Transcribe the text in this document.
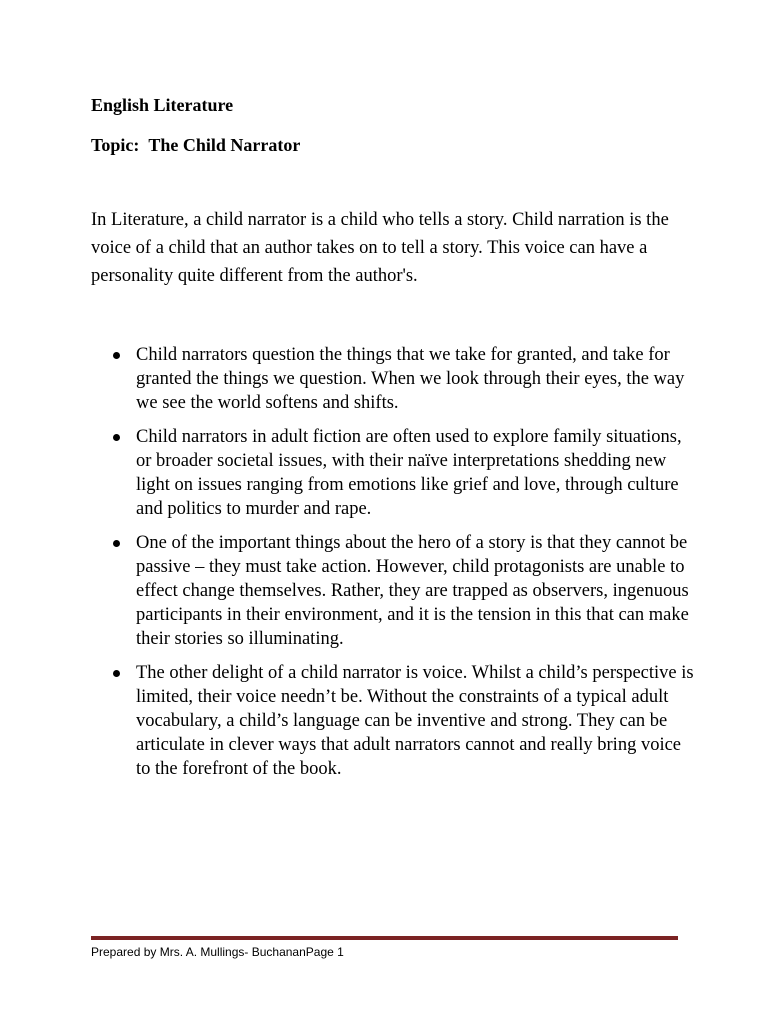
English Literature

Topic: The Child Narrator

In Literature, a child narrator is a child who tells a story. Child narration is the voice of a child that an author takes on to tell a story. This voice can have a personality quite different from the author's.

Child narrators question the things that we take for granted, and take for granted the things we question. When we look through their eyes, the way we see the world softens and shifts.
Child narrators in adult fiction are often used to explore family situations, or broader societal issues, with their naïve interpretations shedding new light on issues ranging from emotions like grief and love, through culture and politics to murder and rape.
One of the important things about the hero of a story is that they cannot be passive – they must take action. However, child protagonists are unable to effect change themselves. Rather, they are trapped as observers, ingenuous participants in their environment, and it is the tension in this that can make their stories so illuminating.
The other delight of a child narrator is voice. Whilst a child’s perspective is limited, their voice needn’t be. Without the constraints of a typical adult vocabulary, a child’s language can be inventive and strong. They can be articulate in clever ways that adult narrators cannot and really bring voice to the forefront of the book.
Prepared by Mrs. A. Mullings- BuchananPage 1
